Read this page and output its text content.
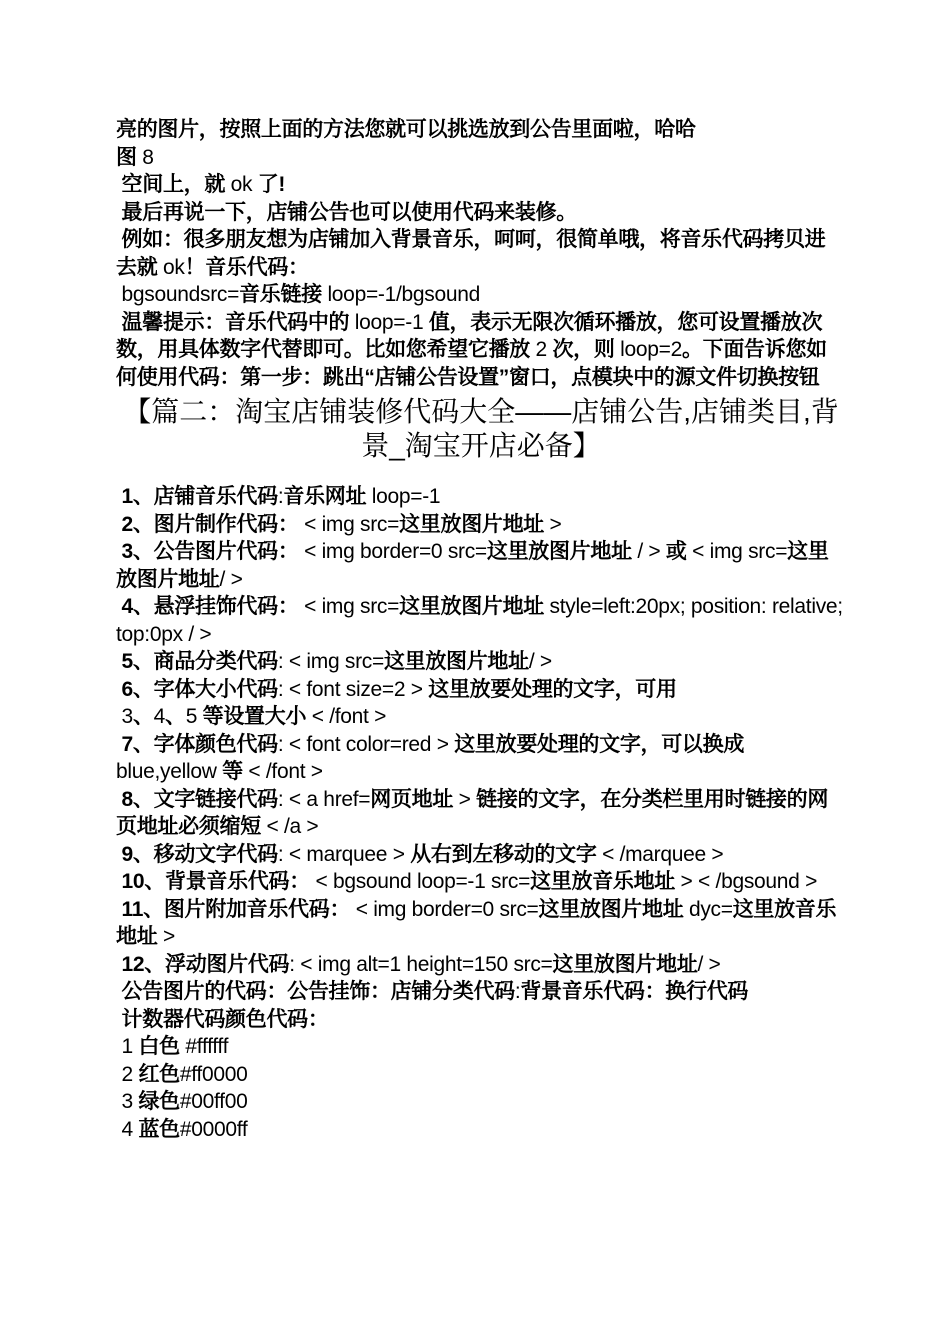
亮的图片，按照上面的方法您就可以挑选放到公告里面啦，哈哈

图 8

空间上，就 ok 了!

最后再说一下，店铺公告也可以使用代码来装修。

例如：很多朋友想为店铺加入背景音乐，呵呵，很简单哦，将音乐代码拷贝进去就 ok！音乐代码：

bgsoundsrc=音乐链接 loop=-1/bgsound

温馨提示：音乐代码中的 loop=-1 值，表示无限次循环播放，您可设置播放次数，用具体数字代替即可。比如您希望它播放 2 次，则 loop=2。下面告诉您如何使用代码：第一步：跳出“店铺公告设置”窗口，点模块中的源文件切换按钮

【篇二：淘宝店铺装修代码大全——店铺公告,店铺类目,背景_淘宝开店必备】

1、店铺音乐代码:音乐网址 loop=-1

2、图片制作代码： < img src=这里放图片地址 >

3、公告图片代码： < img border=0 src=这里放图片地址 / > 或 < img src=这里放图片地址/ >

4、悬浮挂饰代码： < img src=这里放图片地址 style=left:20px; position: relative; top:0px / >

5、商品分类代码: < img src=这里放图片地址/ >

6、字体大小代码: < font size=2 > 这里放要处理的文字，可用
3、4、5 等设置大小 < /font >

7、字体颜色代码: < font color=red > 这里放要处理的文字，可以换成 blue,yellow 等 < /font >

8、文字链接代码: < a href=网页地址 > 链接的文字，在分类栏里用时链接的网页地址必须缩短 < /a >

9、移动文字代码: < marquee > 从右到左移动的文字 < /marquee >

10、背景音乐代码： < bgsound loop=-1 src=这里放音乐地址 > < /bgsound >

11、图片附加音乐代码： < img border=0 src=这里放图片地址 dyc=这里放音乐地址 >

12、浮动图片代码: < img alt=1 height=150 src=这里放图片地址/ >

公告图片的代码：公告挂饰：店铺分类代码:背景音乐代码：换行代码

计数器代码颜色代码：

1 白色 #ffffff

2 红色#ff0000

3 绿色#00ff00

4 蓝色#0000ff
